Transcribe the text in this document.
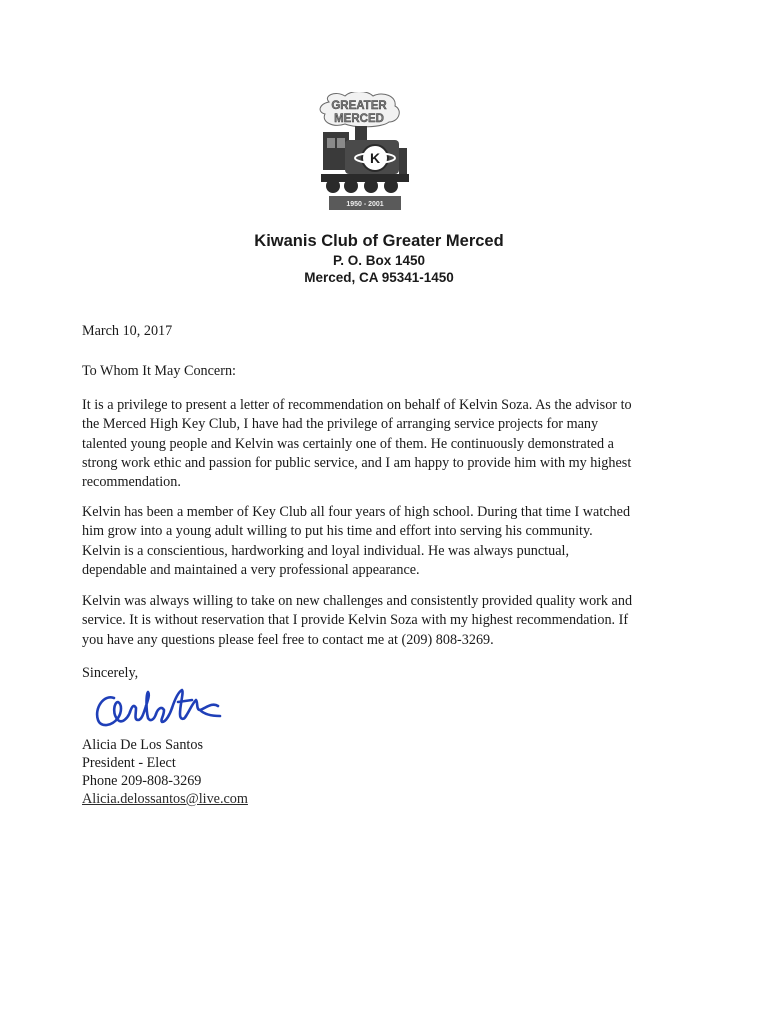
GREATER
MERCED
K
1950 - 2001
Kiwanis Club of Greater Merced
P. O. Box 1450
Merced, CA 95341-1450
March 10, 2017
To Whom It May Concern:

It is a privilege to present a letter of recommendation on behalf of Kelvin Soza. As the advisor to

the Merced High Key Club, I have had the privilege of arranging service projects for many

talented young people and Kelvin was certainly one of them. He continuously demonstrated a

strong work ethic and passion for public service, and I am happy to provide him with my highest

recommendation.

Kelvin has been a member of Key Club all four years of high school. During that time I watched

him grow into a young adult willing to put his time and effort into serving his community.

Kelvin is a conscientious, hardworking and loyal individual. He was always punctual,

dependable and maintained a very professional appearance.

Kelvin was always willing to take on new challenges and consistently provided quality work and

service. It is without reservation that I provide Kelvin Soza with my highest recommendation. If

you have any questions please feel free to contact me at (209) 808-3269.

Sincerely,
Alicia De Los Santos
President - Elect
Phone 209-808-3269
Alicia.delossantos@live.com
